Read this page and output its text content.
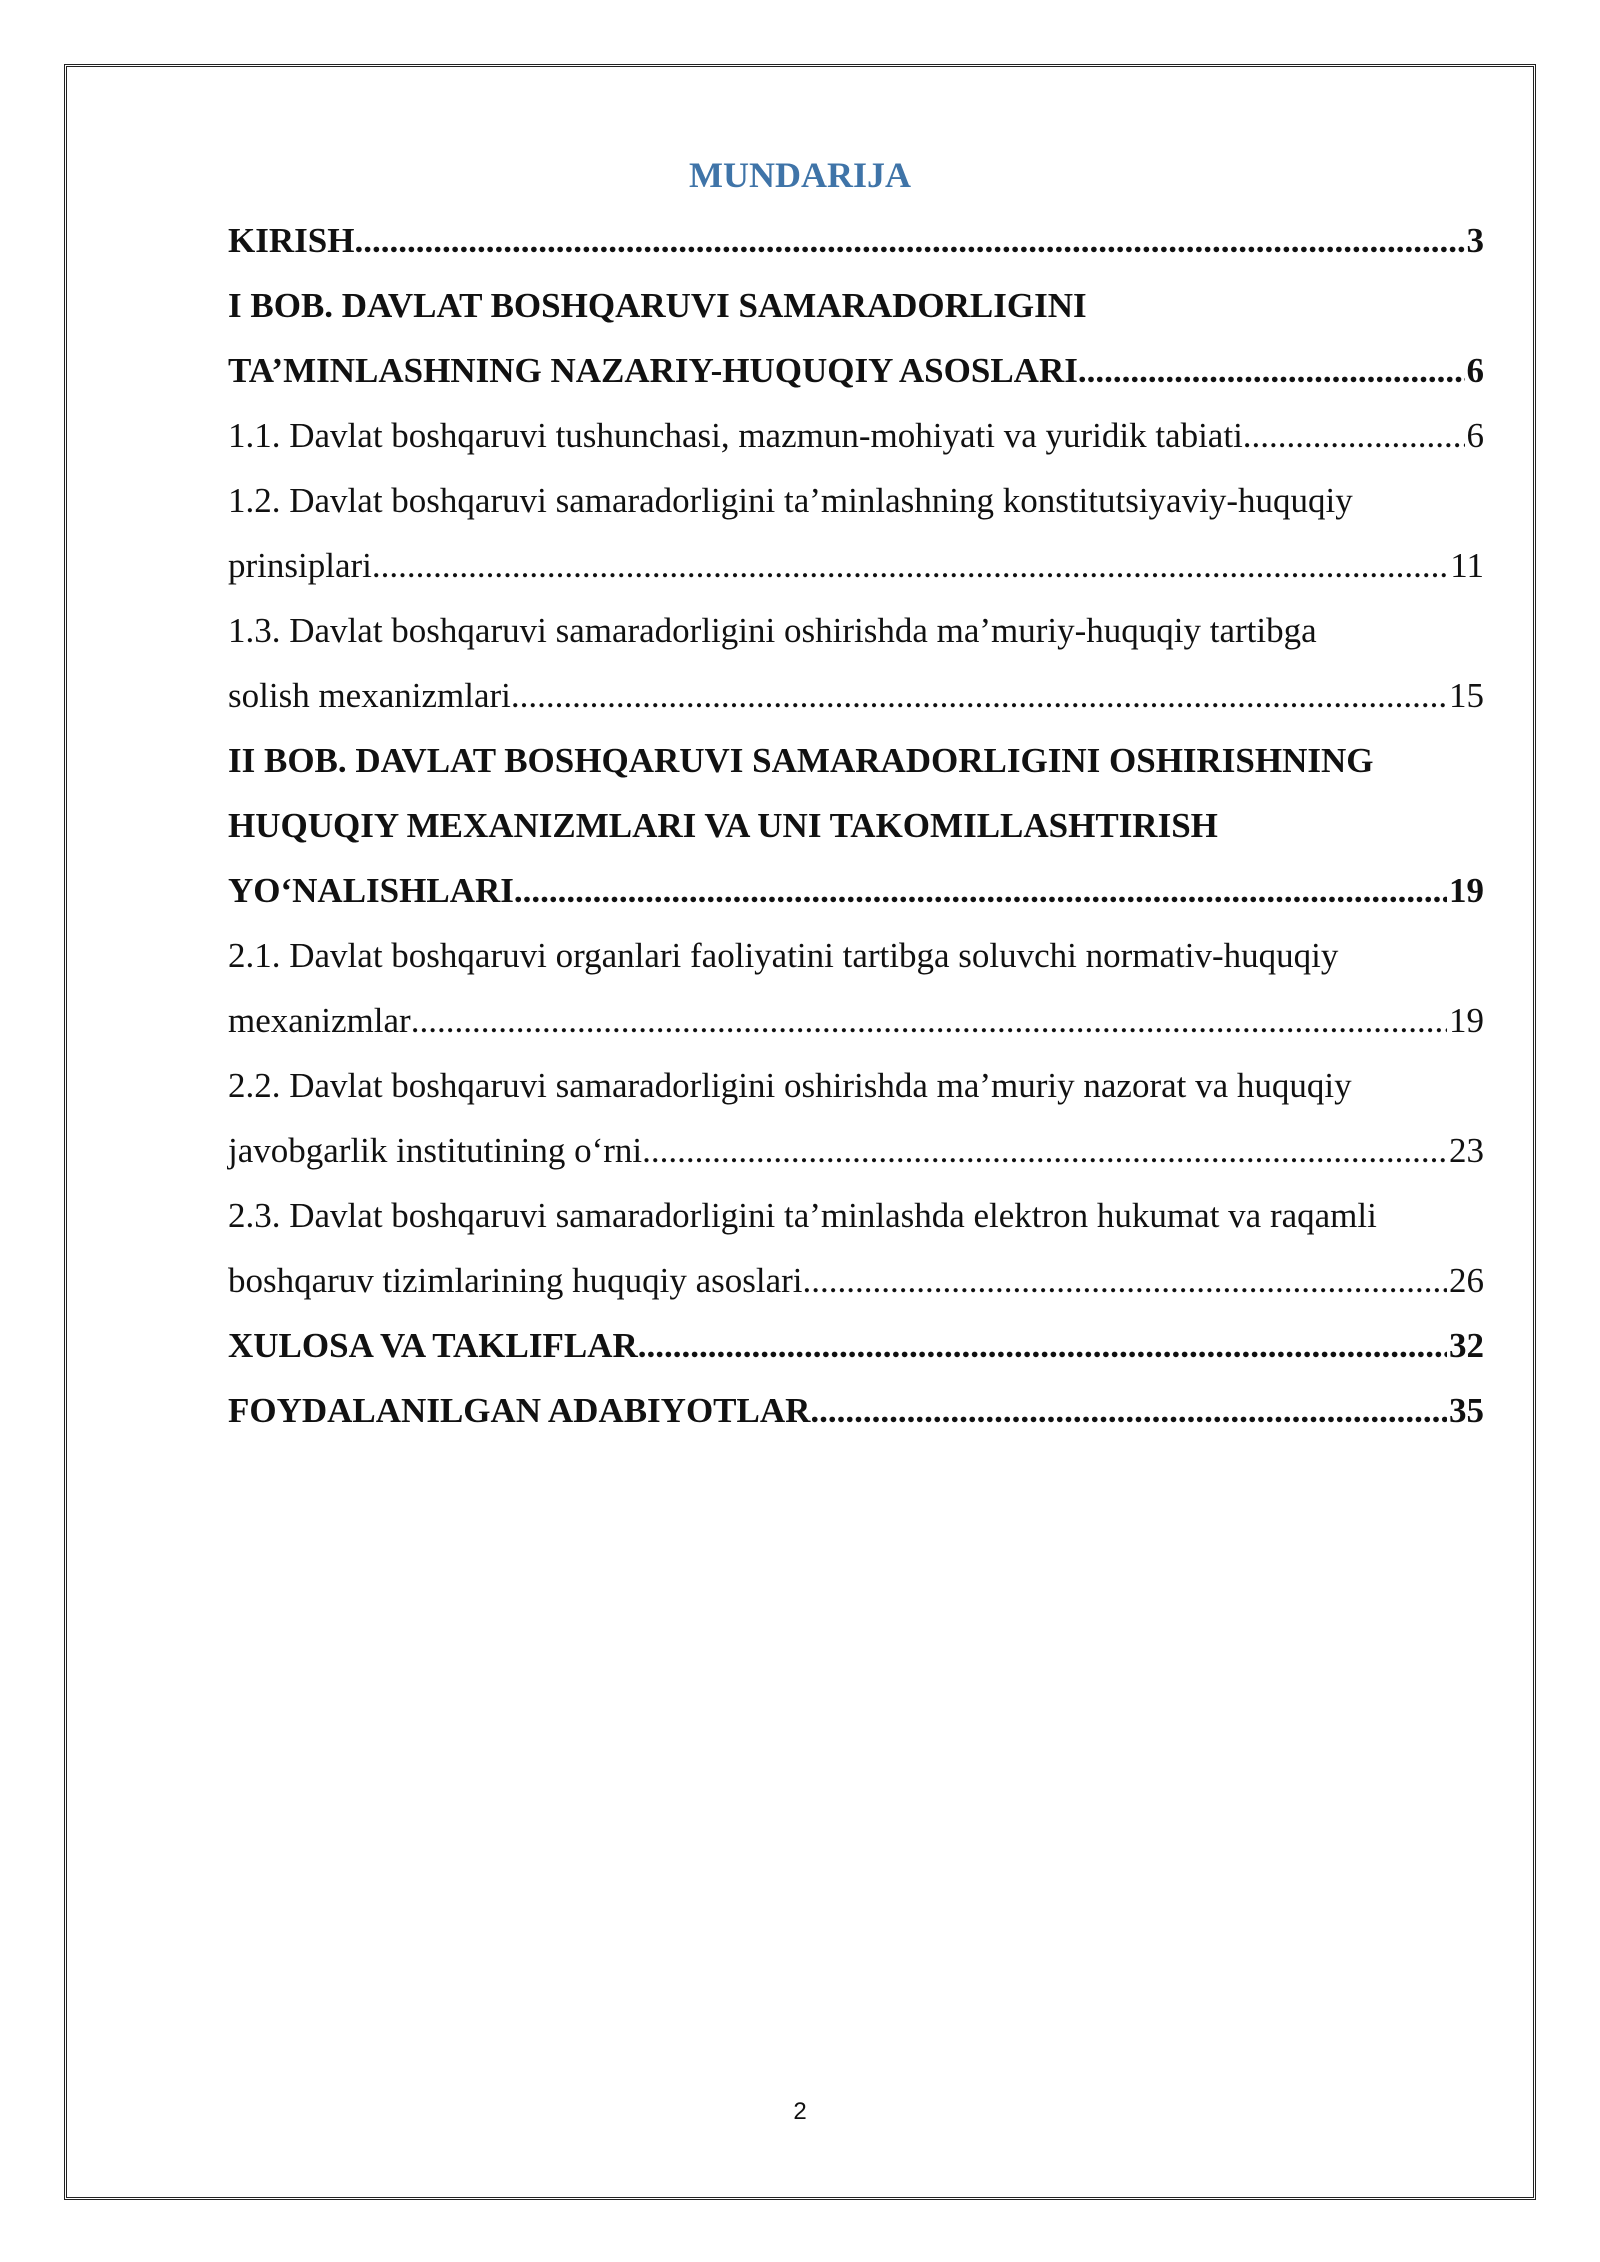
MUNDARIJA
KIRISH .....	3
I BOB. DAVLAT BOSHQARUVI SAMARADORLIGINI
TA’MINLASHNING NAZARIY-HUQUQIY ASOSLARI .....	6
1.1. Davlat boshqaruvi tushunchasi, mazmun-mohiyati va yuridik tabiati .....	6
1.2. Davlat boshqaruvi samaradorligini ta’minlashning konstitutsiyaviy-huquqiy
prinsiplari .....	11
1.3. Davlat boshqaruvi samaradorligini oshirishda ma’muriy-huquqiy tartibga
solish mexanizmlari .....	15
II BOB. DAVLAT BOSHQARUVI SAMARADORLIGINI OSHIRISHNING
HUQUQIY MEXANIZMLARI VA UNI TAKOMILLASHTIRISH
YO‘NALISHLARI .....	19
2.1. Davlat boshqaruvi organlari faoliyatini tartibga soluvchi normativ-huquqiy
mexanizmlar .....	19
2.2. Davlat boshqaruvi samaradorligini oshirishda ma’muriy nazorat va huquqiy
javobgarlik institutining o‘rni .....	23
2.3. Davlat boshqaruvi samaradorligini ta’minlashda elektron hukumat va raqamli
boshqaruv tizimlarining huquqiy asoslari .....	26
XULOSA VA TAKLIFLAR .....	32
FOYDALANILGAN ADABIYOTLAR .....	35
2
